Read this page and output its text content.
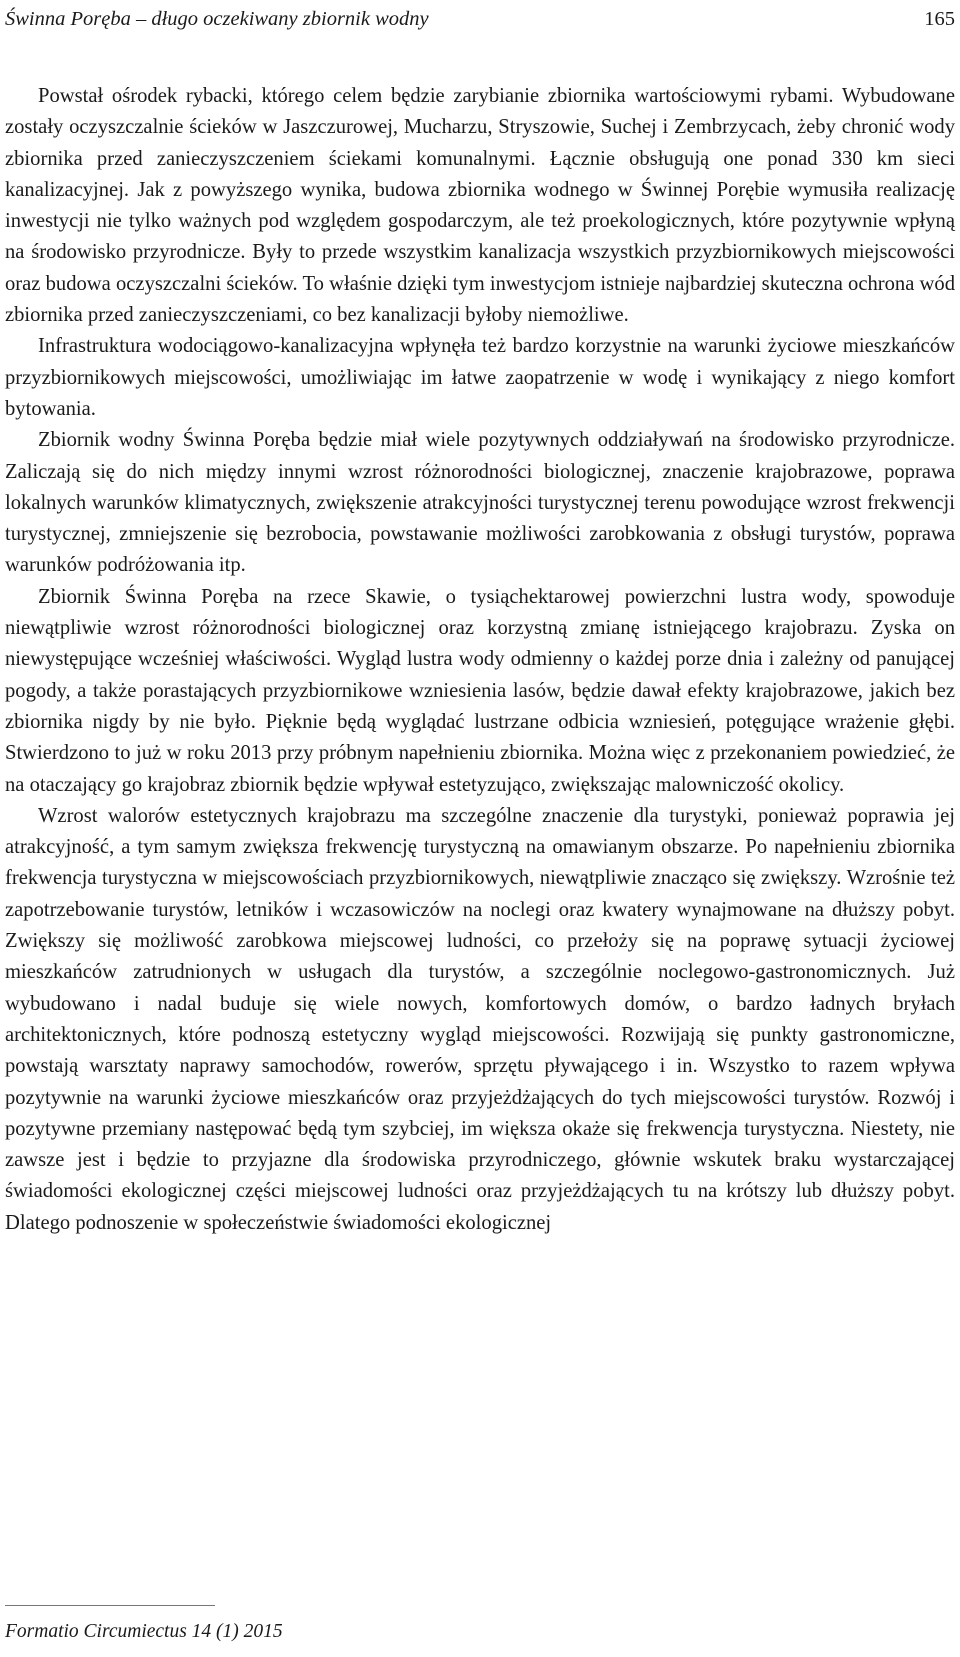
Świnna Poręba – długo oczekiwany zbiornik wodny	165

Powstał ośrodek rybacki, którego celem będzie zarybianie zbiornika wartościowymi rybami. Wybudowane zostały oczyszczalnie ścieków w Jaszczurowej, Mucharzu, Stryszowie, Suchej i Zembrzycach, żeby chronić wody zbiornika przed zanieczyszczeniem ściekami komunalnymi. Łącznie obsługują one ponad 330 km sieci kanalizacyjnej. Jak z powyższego wynika, budowa zbiornika wodnego w Świnnej Porębie wymusiła realizację inwestycji nie tylko ważnych pod względem gospodarczym, ale też proekologicznych, które pozytywnie wpłyną na środowisko przyrodnicze. Były to przede wszystkim kanalizacja wszystkich przyzbiornikowych miejscowości oraz budowa oczyszczalni ścieków. To właśnie dzięki tym inwestycjom istnieje najbardziej skuteczna ochrona wód zbiornika przed zanieczyszczeniami, co bez kanalizacji byłoby niemożliwe.

Infrastruktura wodociągowo-kanalizacyjna wpłynęła też bardzo korzystnie na warunki życiowe mieszkańców przyzbiornikowych miejscowości, umożliwiając im łatwe zaopatrzenie w wodę i wynikający z niego komfort bytowania.

Zbiornik wodny Świnna Poręba będzie miał wiele pozytywnych oddziaływań na środowisko przyrodnicze. Zaliczają się do nich między innymi wzrost różnorodności biologicznej, znaczenie krajobrazowe, poprawa lokalnych warunków klimatycznych, zwiększenie atrakcyjności turystycznej terenu powodujące wzrost frekwencji turystycznej, zmniejszenie się bezrobocia, powstawanie możliwości zarobkowania z obsługi turystów, poprawa warunków podróżowania itp.

Zbiornik Świnna Poręba na rzece Skawie, o tysiąchektarowej powierzchni lustra wody, spowoduje niewątpliwie wzrost różnorodności biologicznej oraz korzystną zmianę istniejącego krajobrazu. Zyska on niewystępujące wcześniej właściwości. Wygląd lustra wody odmienny o każdej porze dnia i zależny od panującej pogody, a także porastających przyzbiornikowe wzniesienia lasów, będzie dawał efekty krajobrazowe, jakich bez zbiornika nigdy by nie było. Pięknie będą wyglądać lustrzane odbicia wzniesień, potęgujące wrażenie głębi. Stwierdzono to już w roku 2013 przy próbnym napełnieniu zbiornika. Można więc z przekonaniem powiedzieć, że na otaczający go krajobraz zbiornik będzie wpływał estetyzująco, zwiększając malowniczość okolicy.

Wzrost walorów estetycznych krajobrazu ma szczególne znaczenie dla turystyki, ponieważ poprawia jej atrakcyjność, a tym samym zwiększa frekwencję turystyczną na omawianym obszarze. Po napełnieniu zbiornika frekwencja turystyczna w miejscowościach przyzbiornikowych, niewątpliwie znacząco się zwiększy. Wzrośnie też zapotrzebowanie turystów, letników i wczasowiczów na noclegi oraz kwatery wynajmowane na dłuższy pobyt. Zwiększy się możliwość zarobkowa miejscowej ludności, co przełoży się na poprawę sytuacji życiowej mieszkańców zatrudnionych w usługach dla turystów, a szczególnie noclegowo-gastronomicznych. Już wybudowano i nadal buduje się wiele nowych, komfortowych domów, o bardzo ładnych bryłach architektonicznych, które podnoszą estetyczny wygląd miejscowości. Rozwijają się punkty gastronomiczne, powstają warsztaty naprawy samochodów, rowerów, sprzętu pływającego i in. Wszystko to razem wpływa pozytywnie na warunki życiowe mieszkańców oraz przyjeżdżających do tych miejscowości turystów. Rozwój i pozytywne przemiany następować będą tym szybciej, im większa okaże się frekwencja turystyczna. Niestety, nie zawsze jest i będzie to przyjazne dla środowiska przyrodniczego, głównie wskutek braku wystarczającej świadomości ekologicznej części miejscowej ludności oraz przyjeżdżających tu na krótszy lub dłuższy pobyt. Dlatego podnoszenie w społeczeństwie świadomości ekologicznej

Formatio Circumiectus 14 (1) 2015
